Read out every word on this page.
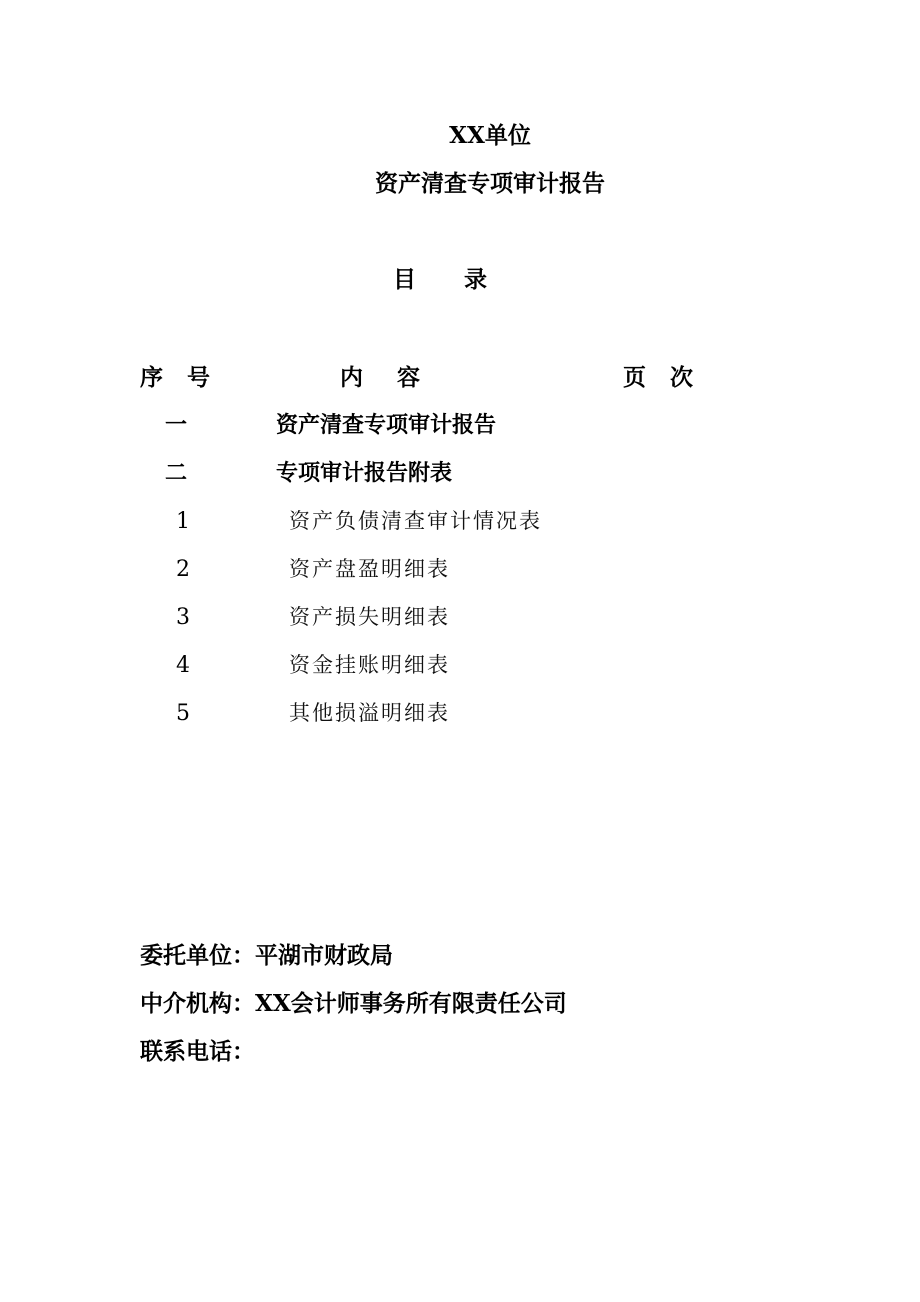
XX单位
资产清查专项审计报告
目 录
序 号	内 容	页 次
一	资产清查专项审计报告
二	专项审计报告附表
1	资产负债清查审计情况表
2	资产盘盈明细表
3	资产损失明细表
4	资金挂账明细表
5	其他损溢明细表
委托单位：平湖市财政局
中介机构：XX会计师事务所有限责任公司
联系电话：
